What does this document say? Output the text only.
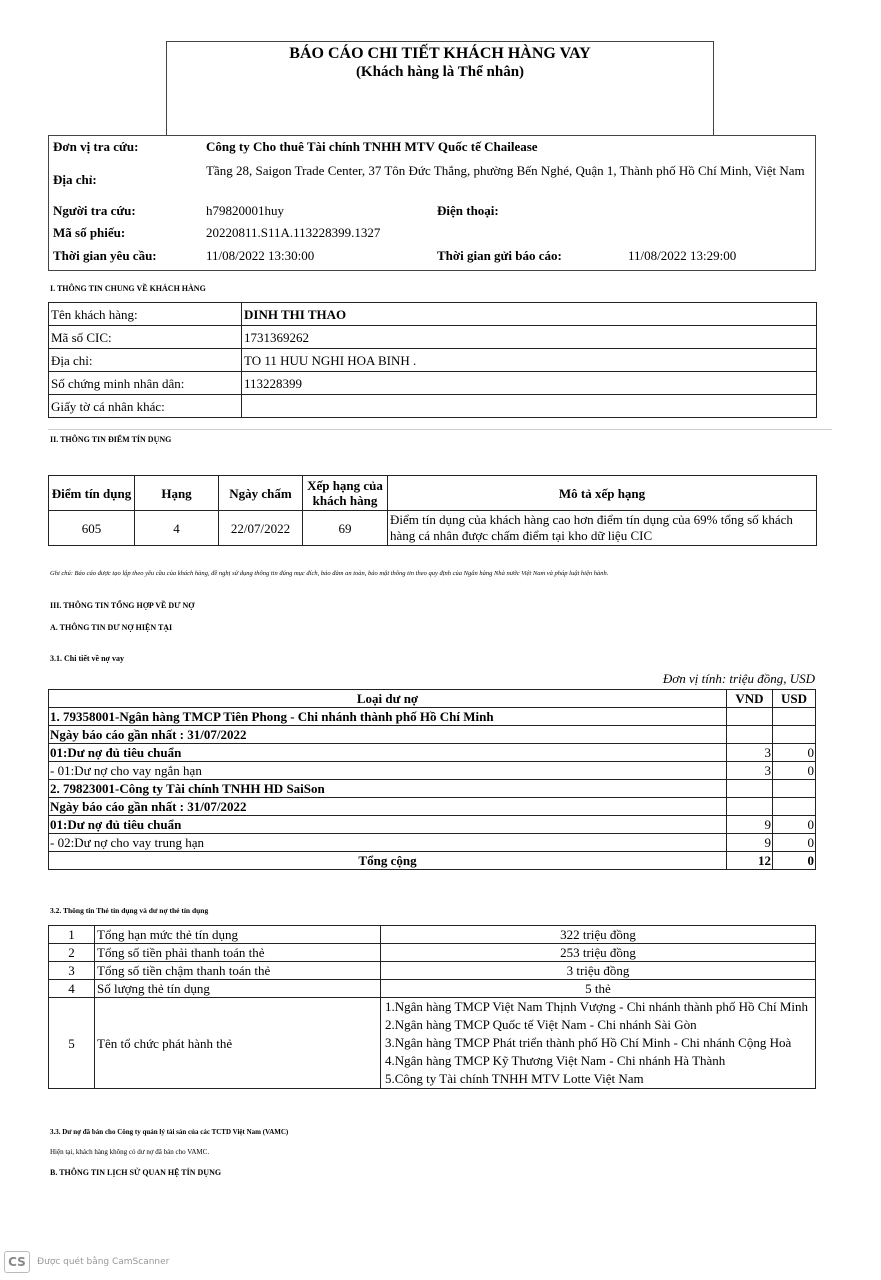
BÁO CÁO CHI TIẾT KHÁCH HÀNG VAY
(Khách hàng là Thể nhân)
Đơn vị tra cứu:	Công ty Cho thuê Tài chính TNHH MTV Quốc tế Chailease
Địa chỉ:
Tầng 28, Saigon Trade Center, 37 Tôn Đức Thắng, phường Bến Nghé, Quận 1, Thành phố Hồ Chí Minh, Việt Nam
Người tra cứu:	h79820001huy	Điện thoại:
Mã số phiếu:	20220811.S11A.113228399.1327
Thời gian yêu cầu:	11/08/2022 13:30:00	Thời gian gửi báo cáo:	11/08/2022 13:29:00
I. THÔNG TIN CHUNG VỀ KHÁCH HÀNG
Tên khách hàng:	DINH THI THAO
Mã số CIC:	1731369262
Địa chỉ:	TO 11 HUU NGHI HOA BINH .
Số chứng minh nhân dân:	113228399
Giấy tờ cá nhân khác:	
II. THÔNG TIN ĐIỂM TÍN DỤNG
Điểm tín dụng	Hạng	Ngày chấm	Xếp hạng của khách hàng	Mô tả xếp hạng
605	4	22/07/2022	69	Điểm tín dụng của khách hàng cao hơn điểm tín dụng của 69% tổng số khách hàng cá nhân được chấm điểm tại kho dữ liệu CIC
Ghi chú: Báo cáo được tạo lập theo yêu cầu của khách hàng, đề nghị sử dụng thông tin đúng mục đích, bảo đảm an toàn, bảo mật thông tin theo quy định của Ngân hàng Nhà nước Việt Nam và pháp luật hiện hành.
III. THÔNG TIN TỔNG HỢP VỀ DƯ NỢ
A. THÔNG TIN DƯ NỢ HIỆN TẠI
3.1. Chi tiết về nợ vay
Đơn vị tính: triệu đồng, USD
Loại dư nợ	VND	USD
1. 79358001-Ngân hàng TMCP Tiên Phong - Chi nhánh thành phố Hồ Chí Minh		
Ngày báo cáo gần nhất : 31/07/2022		
01:Dư nợ đủ tiêu chuẩn	3	0
- 01:Dư nợ cho vay ngắn hạn	3	0
2. 79823001-Công ty Tài chính TNHH HD SaiSon		
Ngày báo cáo gần nhất : 31/07/2022		
01:Dư nợ đủ tiêu chuẩn	9	0
- 02:Dư nợ cho vay trung hạn	9	0
Tổng cộng	12	0
3.2. Thông tin Thẻ tín dụng và dư nợ thẻ tín dụng
1	Tổng hạn mức thẻ tín dụng	322 triệu đồng
2	Tổng số tiền phải thanh toán thẻ	253 triệu đồng
3	Tổng số tiền chậm thanh toán thẻ	3 triệu đồng
4	Số lượng thẻ tín dụng	5 thẻ
5	Tên tổ chức phát hành thẻ	1.Ngân hàng TMCP Việt Nam Thịnh Vượng - Chi nhánh thành phố Hồ Chí Minh
2.Ngân hàng TMCP Quốc tế Việt Nam - Chi nhánh Sài Gòn
3.Ngân hàng TMCP Phát triển thành phố Hồ Chí Minh - Chi nhánh Cộng Hoà
4.Ngân hàng TMCP Kỹ Thương Việt Nam - Chi nhánh Hà Thành
5.Công ty Tài chính TNHH MTV Lotte Việt Nam
3.3. Dư nợ đã bán cho Công ty quản lý tài sản của các TCTD Việt Nam (VAMC)
Hiện tại, khách hàng không có dư nợ đã bán cho VAMC.
B. THÔNG TIN LỊCH SỬ QUAN HỆ TÍN DỤNG
CS Được quét bằng CamScanner
